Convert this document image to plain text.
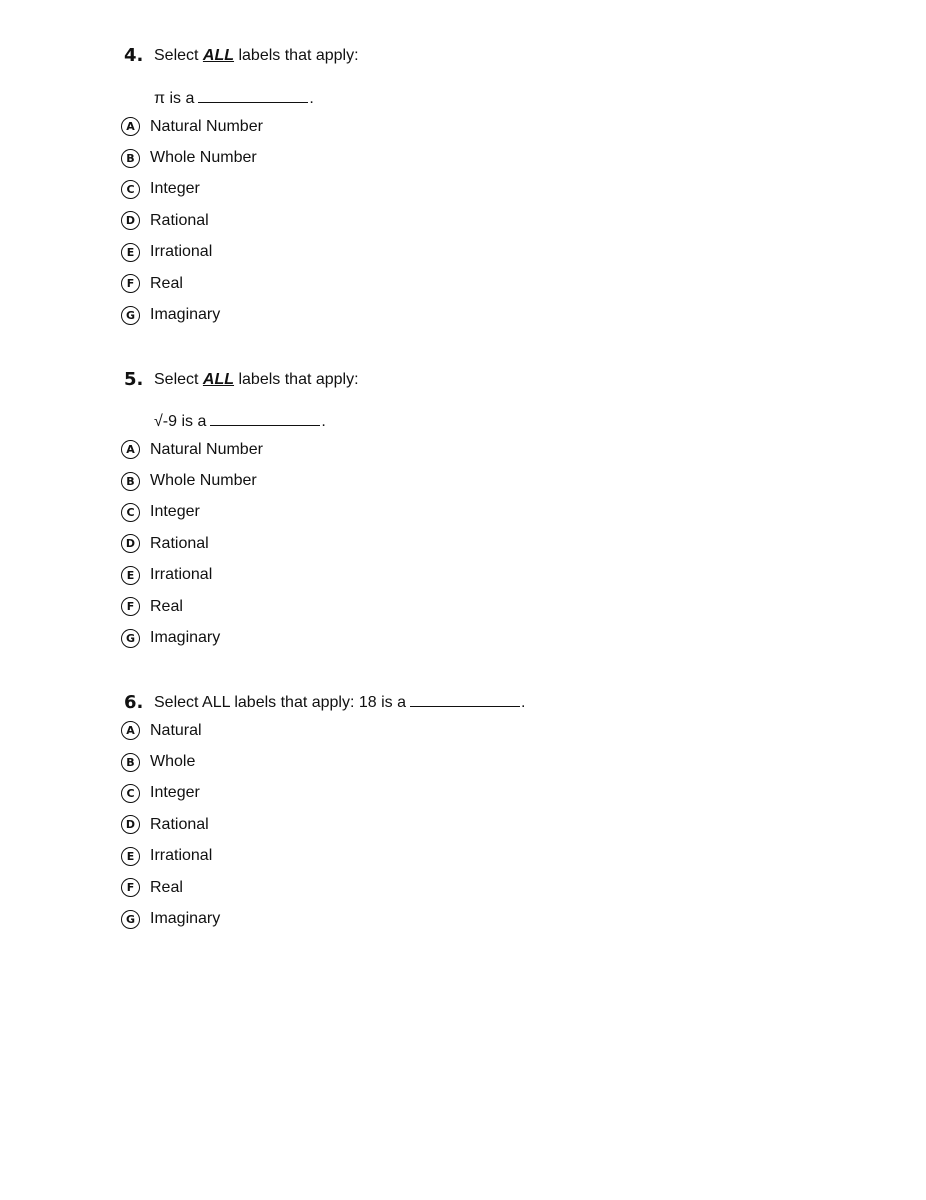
4. Select ALL labels that apply:
π is a	.
A Natural Number
B Whole Number
C Integer
D Rational
E Irrational
F Real
G Imaginary
5. Select ALL labels that apply:
√-9 is a	.
A Natural Number
B Whole Number
C Integer
D Rational
E Irrational
F Real
G Imaginary
6. Select ALL labels that apply: 18 is a	.
A Natural
B Whole
C Integer
D Rational
E Irrational
F Real
G Imaginary
